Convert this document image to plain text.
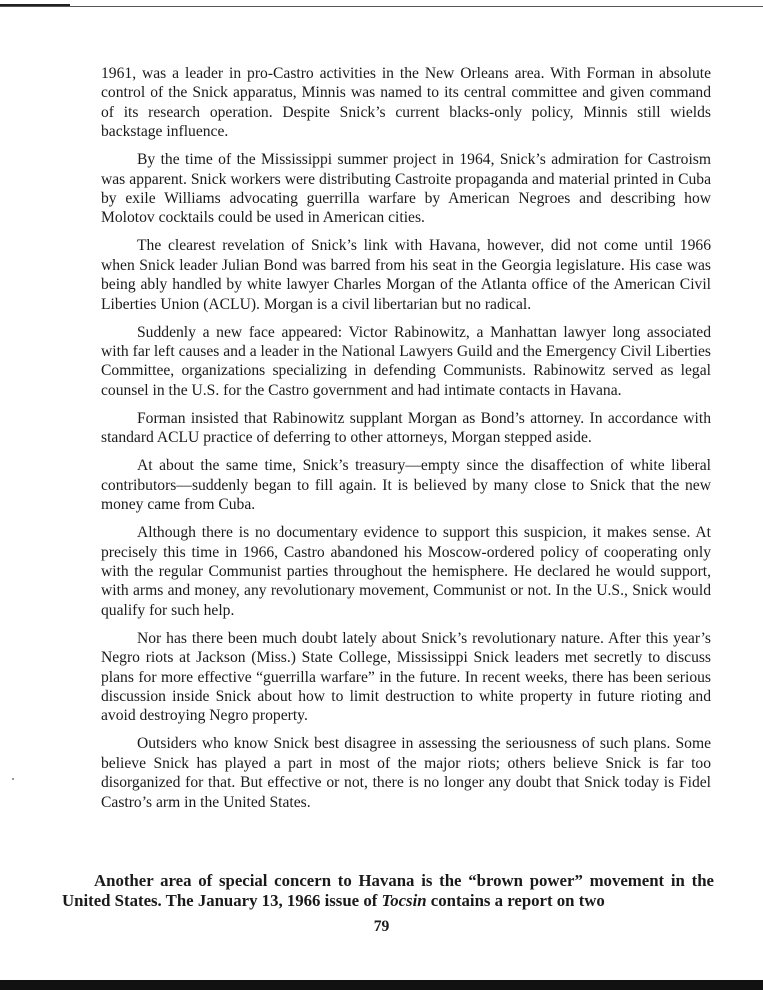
1961, was a leader in pro-Castro activities in the New Orleans area. With Forman in absolute control of the Snick apparatus, Minnis was named to its central committee and given command of its research operation. Despite Snick’s current blacks-only policy, Minnis still wields backstage influence.

By the time of the Mississippi summer project in 1964, Snick’s admiration for Castroism was apparent. Snick workers were distributing Castroite propaganda and material printed in Cuba by exile Williams advocating guerrilla warfare by American Negroes and describing how Molotov cocktails could be used in American cities.

The clearest revelation of Snick’s link with Havana, however, did not come until 1966 when Snick leader Julian Bond was barred from his seat in the Georgia legislature. His case was being ably handled by white lawyer Charles Morgan of the Atlanta office of the American Civil Liberties Union (ACLU). Morgan is a civil libertarian but no radical.

Suddenly a new face appeared: Victor Rabinowitz, a Manhattan lawyer long associated with far left causes and a leader in the National Lawyers Guild and the Emergency Civil Liberties Committee, organizations specializing in defending Communists. Rabinowitz served as legal counsel in the U.S. for the Castro government and had intimate contacts in Havana.

Forman insisted that Rabinowitz supplant Morgan as Bond’s attorney. In accordance with standard ACLU practice of deferring to other attorneys, Morgan stepped aside.

At about the same time, Snick’s treasury—empty since the disaffection of white liberal contributors—suddenly began to fill again. It is believed by many close to Snick that the new money came from Cuba.

Although there is no documentary evidence to support this suspicion, it makes sense. At precisely this time in 1966, Castro abandoned his Moscow-ordered policy of cooperating only with the regular Communist parties throughout the hemisphere. He declared he would support, with arms and money, any revolutionary movement, Communist or not. In the U.S., Snick would qualify for such help.

Nor has there been much doubt lately about Snick’s revolutionary nature. After this year’s Negro riots at Jackson (Miss.) State College, Mississippi Snick leaders met secretly to discuss plans for more effective “guerrilla warfare” in the future. In recent weeks, there has been serious discussion inside Snick about how to limit destruction to white property in future rioting and avoid destroying Negro property.

Outsiders who know Snick best disagree in assessing the seriousness of such plans. Some believe Snick has played a part in most of the major riots; others believe Snick is far too disorganized for that. But effective or not, there is no longer any doubt that Snick today is Fidel Castro’s arm in the United States.

Another area of special concern to Havana is the “brown power” movement in the United States. The January 13, 1966 issue of Tocsin contains a report on two

79
